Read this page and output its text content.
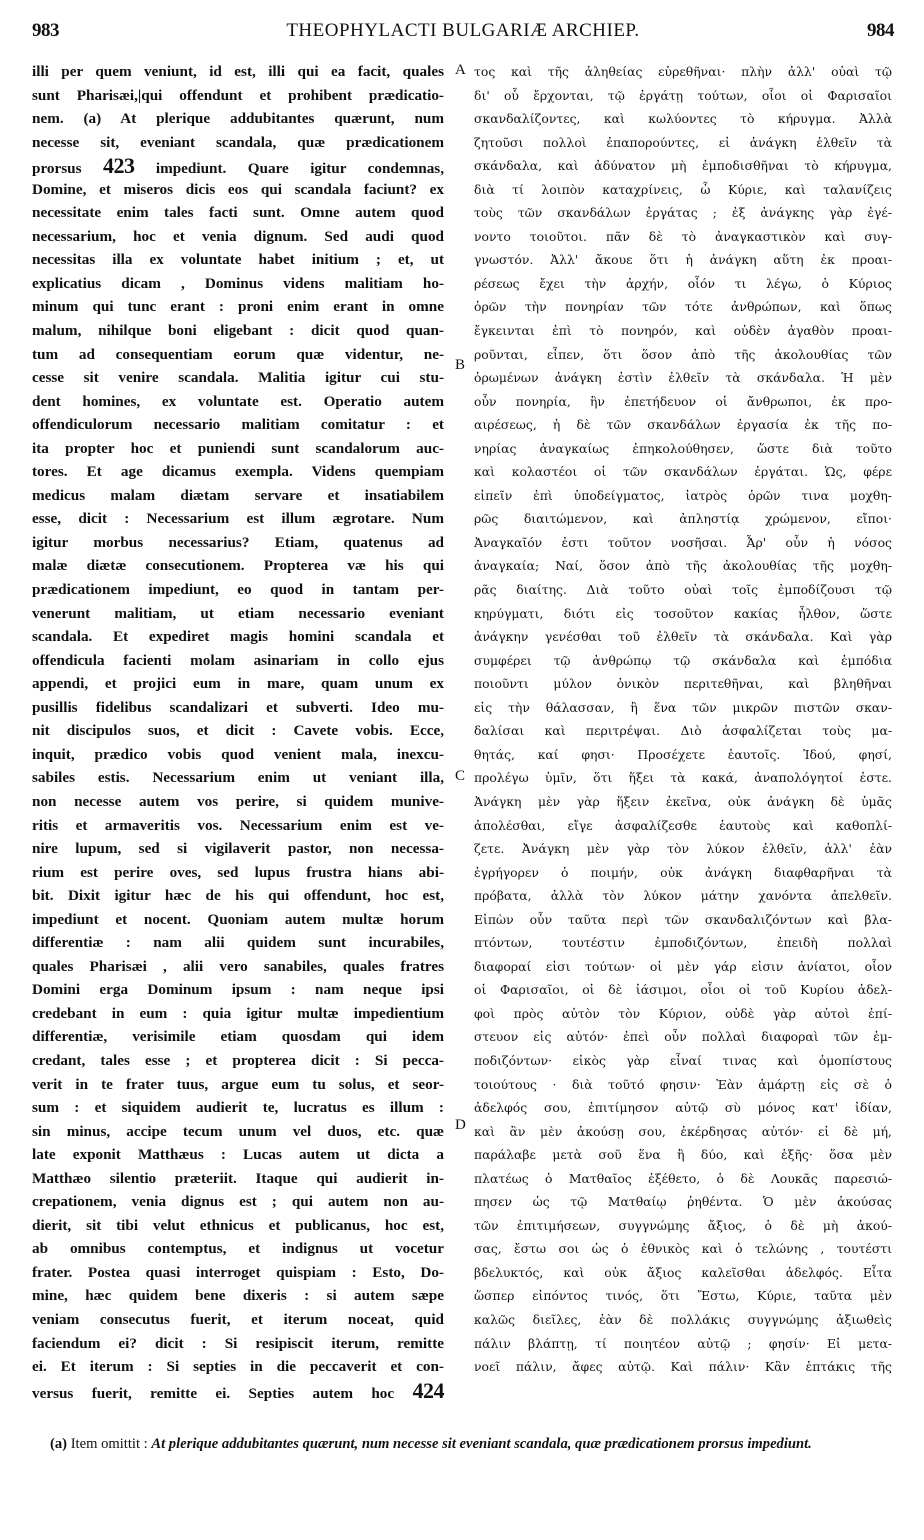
983	THEOPHYLACTI BULGARIÆ ARCHIEP.	984
illi per quem veniunt, id est, illi qui ea facit, quales
sunt Pharisæi,|qui offendunt et prohibent prædicatio-
nem. (a) At plerique addubitantes quærunt, num
necesse sit, eveniant scandala, quæ prædicationem
prorsus 423 impediunt. Quare igitur condemnas,
Domine, et miseros dicis eos qui scandala faciunt? ex
necessitate enim tales facti sunt. Omne autem quod
necessarium, hoc et venia dignum. Sed audi quod
necessitas illa ex voluntate habet initium ; et, ut
explicatius dicam , Dominus videns malitiam ho-
minum qui tunc erant : proni enim erant in omne
malum, nihilque boni eligebant : dicit quod quan-
tum ad consequentiam eorum quæ videntur, ne-
cesse sit venire scandala. Malitia igitur cui stu-
dent homines, ex voluntate est. Operatio autem
offendiculorum necessario malitiam comitatur : et
ita propter hoc et puniendi sunt scandalorum auc-
tores. Et age dicamus exempla. Videns quempiam
medicus malam diætam servare et insatiabilem
esse, dicit : Necessarium est illum ægrotare. Num
igitur morbus necessarius? Etiam, quatenus ad
malæ diætæ consecutionem. Propterea væ his qui
prædicationem impediunt, eo quod in tantam per-
venerunt malitiam, ut etiam necessario eveniant
scandala. Et expediret magis homini scandala et
offendicula facienti molam asinariam in collo ejus
appendi, et projici eum in mare, quam unum ex
pusillis fidelibus scandalizari et subverti. Ideo mu-
nit discipulos suos, et dicit : Cavete vobis. Ecce,
inquit, prædico vobis quod venient mala, inexcu-
sabiles estis. Necessarium enim ut veniant illa,
non necesse autem vos perire, si quidem munive-
ritis et armaveritis vos. Necessarium enim est ve-
nire lupum, sed si vigilaverit pastor, non necessa-
rium est perire oves, sed lupus frustra hians abi-
bit. Dixit igitur hæc de his qui offendunt, hoc est,
impediunt et nocent. Quoniam autem multæ horum
differentiæ : nam alii quidem sunt incurabiles,
quales Pharisæi , alii vero sanabiles, quales fratres
Domini erga Dominum ipsum : nam neque ipsi
credebant in eum : quia igitur multæ impedientium
differentiæ, verisimile etiam quosdam qui idem
credant, tales esse ; et propterea dicit : Si pecca-
verit in te frater tuus, argue eum tu solus, et seor-
sum : et siquidem audierit te, lucratus es illum :
sin minus, accipe tecum unum vel duos, etc. quæ
late exponit Matthæus : Lucas autem ut dicta a
Matthæo silentio præteriit. Itaque qui audierit in-
crepationem, venia dignus est ; qui autem non au-
dierit, sit tibi velut ethnicus et publicanus, hoc est,
ab omnibus contemptus, et indignus ut vocetur
frater. Postea quasi interroget quispiam : Esto, Do-
mine, hæc quidem bene dixeris : si autem sæpe
veniam consecutus fuerit, et iterum noceat, quid
faciendum ei? dicit : Si resipiscit iterum, remitte
ei. Et iterum : Si septies in die peccaverit et con-
versus fuerit, remitte ei. Septies autem hoc 424
τος καὶ τῆς ἀληθείας εὑρεθῆναι· πλὴν ἀλλ' οὐαὶ τῷ
δι' οὗ ἔρχονται, τῷ ἐργάτῃ τούτων, οἷοι οἱ Φαρισαῖοι
σκανδαλίζοντες, καὶ κωλύοντες τὸ κήρυγμα. Ἀλλὰ
ζητοῦσι πολλοὶ ἐπαπορούντες, εἰ ἀνάγκη ἐλθεῖν τὰ
σκάνδαλα, καὶ ἀδύνατον μὴ ἐμποδισθῆναι τὸ κήρυγμα,
διὰ τί λοιπὸν καταχρίνεις, ὦ Κύριε, καὶ ταλανίζεις
τοὺς τῶν σκανδάλων ἐργάτας ; ἐξ ἀνάγκης γὰρ ἐγέ-
νοντο τοιοῦτοι. πᾶν δὲ τὸ ἀναγκαστικὸν καὶ συγ-
γνωστόν. Ἀλλ' ἄκουε ὅτι ἡ ἀνάγκη αὕτη ἐκ προαι-
ρέσεως ἔχει τὴν ἀρχήν, οἷόν τι λέγω, ὁ Κύριος
ὁρῶν τὴν πονηρίαν τῶν τότε ἀνθρώπων, καὶ ὅπως
ἔγκεινται ἐπὶ τὸ πονηρόν, καὶ οὐδὲν ἀγαθὸν προαι-
ροῦνται, εἶπεν, ὅτι ὅσον ἀπὸ τῆς ἀκολουθίας τῶν
ὁρωμένων ἀνάγκη ἐστὶν ἐλθεῖν τὰ σκάνδαλα. Ἡ μὲν
οὖν πονηρία, ἣν ἐπετήδευον οἱ ἄνθρωποι, ἐκ προ-
αιρέσεως, ἡ δὲ τῶν σκανδάλων ἐργασία ἐκ τῆς πο-
νηρίας ἀναγκαίως ἐπηκολούθησεν, ὥστε διὰ τοῦτο
καὶ κολαστέοι οἱ τῶν σκανδάλων ἐργάται. Ὡς, φέρε
εἰπεῖν ἐπὶ ὑποδείγματος, ἰατρὸς ὁρῶν τινα μοχθη-
ρῶς διαιτώμενον, καὶ ἀπληστίᾳ χρώμενον, εἴποι·
Ἀναγκαῖόν ἐστι τοῦτον νοσῆσαι. Ἆρ' οὖν ἡ νόσος
ἀναγκαία; Ναί, ὅσον ἀπὸ τῆς ἀκολουθίας τῆς μοχθη-
ρᾶς διαίτης. Διὰ τοῦτο οὐαὶ τοῖς ἐμποδίζουσι τῷ
κηρύγματι, διότι εἰς τοσοῦτον κακίας ἦλθον, ὥστε
ἀνάγκην γενέσθαι τοῦ ἐλθεῖν τὰ σκάνδαλα. Καὶ γὰρ
συμφέρει τῷ ἀνθρώπῳ τῷ σκάνδαλα καὶ ἐμπόδια
ποιοῦντι μύλον ὀνικὸν περιτεθῆναι, καὶ βληθῆναι
εἰς τὴν θάλασσαν, ἢ ἕνα τῶν μικρῶν πιστῶν σκαν-
δαλίσαι καὶ περιτρέψαι. Διὸ ἀσφαλίζεται τοὺς μα-
θητάς, καί φησι· Προσέχετε ἑαυτοῖς. Ἰδού, φησί,
προλέγω ὑμῖν, ὅτι ἥξει τὰ κακά, ἀναπολόγητοί ἐστε.
Ἀνάγκη μὲν γὰρ ἥξειν ἐκεῖνα, οὐκ ἀνάγκη δὲ ὑμᾶς
ἀπολέσθαι, εἴγε ἀσφαλίζεσθε ἑαυτοὺς καὶ καθοπλί-
ζετε. Ἀνάγκη μὲν γὰρ τὸν λύκον ἐλθεῖν, ἀλλ' ἐὰν
ἐγρήγορεν ὁ ποιμήν, οὐκ ἀνάγκη διαφθαρῆναι τὰ
πρόβατα, ἀλλὰ τὸν λύκον μάτην χανόντα ἀπελθεῖν.
Εἰπὼν οὖν ταῦτα περὶ τῶν σκανδαλιζόντων καὶ βλα-
πτόντων, τουτέστιν ἐμποδιζόντων, ἐπειδὴ πολλαὶ
διαφοραί εἰσι τούτων· οἱ μὲν γάρ εἰσιν ἀνίατοι, οἷον
οἱ Φαρισαῖοι, οἱ δὲ ἰάσιμοι, οἷοι οἱ τοῦ Κυρίου ἀδελ-
φοὶ πρὸς αὐτὸν τὸν Κύριον, οὐδὲ γὰρ αὐτοὶ ἐπί-
στευον εἰς αὐτόν· ἐπεὶ οὖν πολλαὶ διαφοραὶ τῶν ἐμ-
ποδιζόντων· εἰκὸς γὰρ εἶναί τινας καὶ ὁμοπίστους
τοιούτους · διὰ τοῦτό φησιν· Ἐὰν ἁμάρτῃ εἰς σὲ ὁ
ἀδελφός σου, ἐπιτίμησον αὐτῷ σὺ μόνος κατ' ἰδίαν,
καὶ ἂν μὲν ἀκούσῃ σου, ἐκέρδησας αὐτόν· εἰ δὲ μή,
παράλαβε μετὰ σοῦ ἕνα ἢ δύο, καὶ ἑξῆς· ὅσα μὲν
πλατέως ὁ Ματθαῖος ἐξέθετο, ὁ δὲ Λουκᾶς παρεσιώ-
πησεν ὡς τῷ Ματθαίῳ ῥηθέντα. Ὁ μὲν ἀκούσας
τῶν ἐπιτιμήσεων, συγγνώμης ἄξιος, ὁ δὲ μὴ ἀκού-
σας, ἔστω σοι ὡς ὁ ἐθνικὸς καὶ ὁ τελώνης , τουτέστι
βδελυκτός, καὶ οὐκ ἄξιος καλεῖσθαι ἀδελφός. Εἶτα
ὥσπερ εἰπόντος τινός, ὅτι Ἔστω, Κύριε, ταῦτα μὲν
καλῶς διεῖλες, ἐὰν δὲ πολλάκις συγγνώμης ἀξιωθεὶς
πάλιν βλάπτῃ, τί ποιητέον αὐτῷ ; φησίν· Εἰ μετα-
νοεῖ πάλιν, ἄφες αὐτῷ. Καὶ πάλιν· Κἂν ἑπτάκις τῆς
A
B
C
D
(a) Item omittit : At plerique addubitantes quærunt, num necesse sit eveniant scandala, quæ prædicationem prorsus impediunt.
